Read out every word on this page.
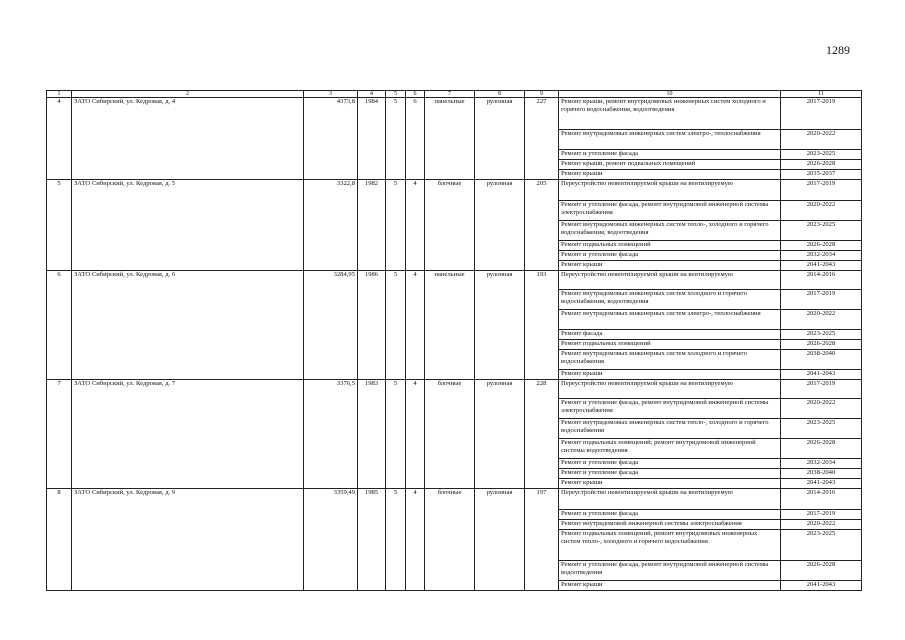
1289
1	2	3	4	5	6	7	8	9	10	11
4	ЗАТО Сибирский, ул. Кедровая, д. 4	4373,8	1984	5	6	панельные	рулонная	227	Ремонт крыши, ремонт внутридомовых инженерных систем холодного и горячего водоснабжения, водоотведения	2017-2019
									Ремонт внутридомовых инженерных систем электро-, теплоснабжения	2020-2022
									Ремонт и утепление фасада	2023-2025
									Ремонт крыши, ремонт подвальных помещений	2026-2028
									Ремонт крыши	2035-2037
5	ЗАТО Сибирский, ул. Кедровая, д. 5	3322,8	1982	5	4	блочные	рулонная	205	Переустройство невентилируемой крыши на вентилируемую	2017-2019
									Ремонт и утепление фасада, ремонт внутридомовой инженерной системы электроснабжения	2020-2022
									Ремонт внутридомовых инженерных систем тепло-, холодного и горячего водоснабжения, водоотведения	2023-2025
									Ремонт подвальных помещений	2026-2028
									Ремонт и утепление фасада	2032-2034
									Ремонт крыши	2041-2043
6	ЗАТО Сибирский, ул. Кедровая, д. 6	3284,95	1986	5	4	панельные	рулонная	193	Переустройство невентилируемой крыши на вентилируемую	2014-2016
									Ремонт внутридомовых инженерных систем холодного и горячего водоснабжения, водоотведения	2017-2019
									Ремонт внутридомовых инженерных систем электро-, теплоснабжения	2020-2022
									Ремонт фасада	2023-2025
									Ремонт подвальных помещений	2026-2028
									Ремонт внутридомовых инженерных систем холодного и горячего водоснабжения	2038-2040
									Ремонт крыши	2041-2043
7	ЗАТО Сибирский, ул. Кедровая, д. 7	3376,5	1983	5	4	блочные	рулонная	228	Переустройство невентилируемой крыши на вентилируемую	2017-2019
									Ремонт и утепление фасада, ремонт внутридомовой инженерной системы электроснабжения	2020-2022
									Ремонт внутридомовых инженерных систем тепло-, холодного и горячего водоснабжения	2023-2025
									Ремонт подвальных помещений; ремонт внутридомовой инженерной системы водоотведения	2026-2028
									Ремонт и утепление фасада	2032-2034
									Ремонт и утепление фасада	2038-2040
									Ремонт крыши	2041-2043
8	ЗАТО Сибирский, ул. Кедровая, д. 9	3359,49	1985	5	4	блочные	рулонная	197	Переустройство невентилируемой крыши на вентилируемую	2014-2016
									Ремонт и утепление фасада	2017-2019
									Ремонт внутридомовой инженерной системы электроснабжения	2020-2022
									Ремонт подвальных помещений, ремонт внутридомовых инженерных систем тепло-, холодного и горячего водоснабжения	2023-2025
									Ремонт и утепление фасада, ремонт внутридомовой инженерной системы водоотведения	2026-2028
									Ремонт крыши	2041-2043
